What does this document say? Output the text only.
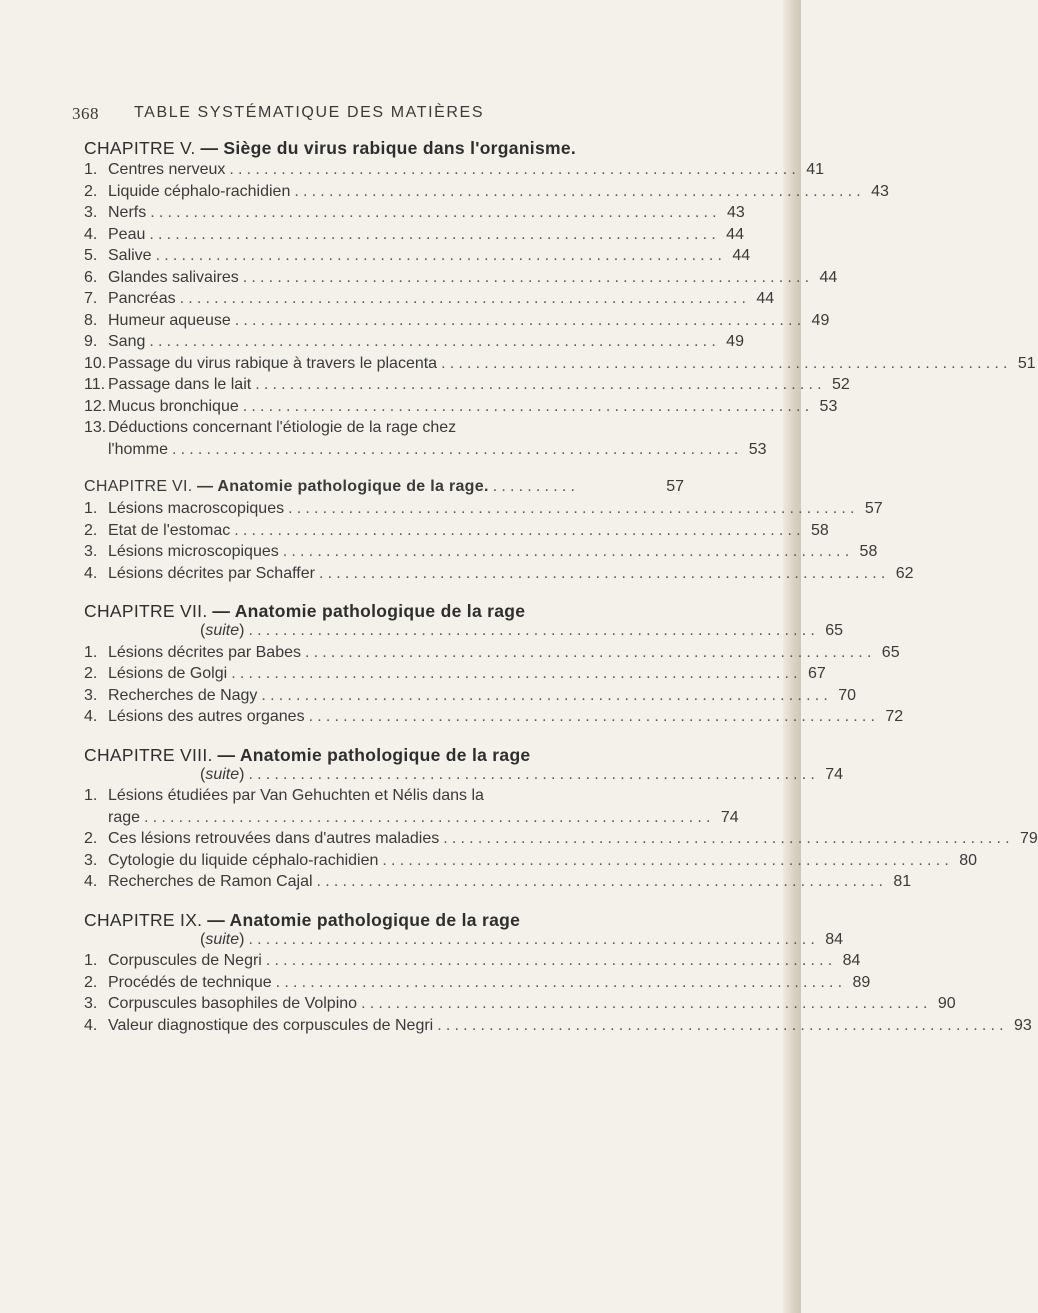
368 TABLE SYSTÉMATIQUE DES MATIÈRES
CHAPITRE V. — Siège du virus rabique dans l'organisme.
1. Centres nerveux .................................................................. 41
2. Liquide céphalo-rachidien .................................................................. 43
3. Nerfs .................................................................. 43
4. Peau .................................................................. 44
5. Salive .................................................................. 44
6. Glandes salivaires .................................................................. 44
7. Pancréas .................................................................. 44
8. Humeur aqueuse .................................................................. 49
9. Sang .................................................................. 49
10. Passage du virus rabique à travers le placenta .................................................................. 51
11. Passage dans le lait .................................................................. 52
12. Mucus bronchique .................................................................. 53
13. Déductions concernant l'étiologie de la rage chez
l'homme .................................................................. 53
CHAPITRE VI. — Anatomie pathologique de la rage. ..........	57
1. Lésions macroscopiques .................................................................. 57
2. Etat de l'estomac .................................................................. 58
3. Lésions microscopiques .................................................................. 58
4. Lésions décrites par Schaffer .................................................................. 62
CHAPITRE VII. — Anatomie pathologique de la rage
(suite) .................................................................. 65
1. Lésions décrites par Babes .................................................................. 65
2. Lésions de Golgi .................................................................. 67
3. Recherches de Nagy .................................................................. 70
4. Lésions des autres organes .................................................................. 72
CHAPITRE VIII. — Anatomie pathologique de la rage
(suite) .................................................................. 74
1. Lésions étudiées par Van Gehuchten et Nélis dans la
rage .................................................................. 74
2. Ces lésions retrouvées dans d'autres maladies .................................................................. 79
3. Cytologie du liquide céphalo-rachidien .................................................................. 80
4. Recherches de Ramon Cajal .................................................................. 81
CHAPITRE IX. — Anatomie pathologique de la rage
(suite) .................................................................. 84
1. Corpuscules de Negri .................................................................. 84
2. Procédés de technique .................................................................. 89
3. Corpuscules basophiles de Volpino .................................................................. 90
4. Valeur diagnostique des corpuscules de Negri .................................................................. 93
